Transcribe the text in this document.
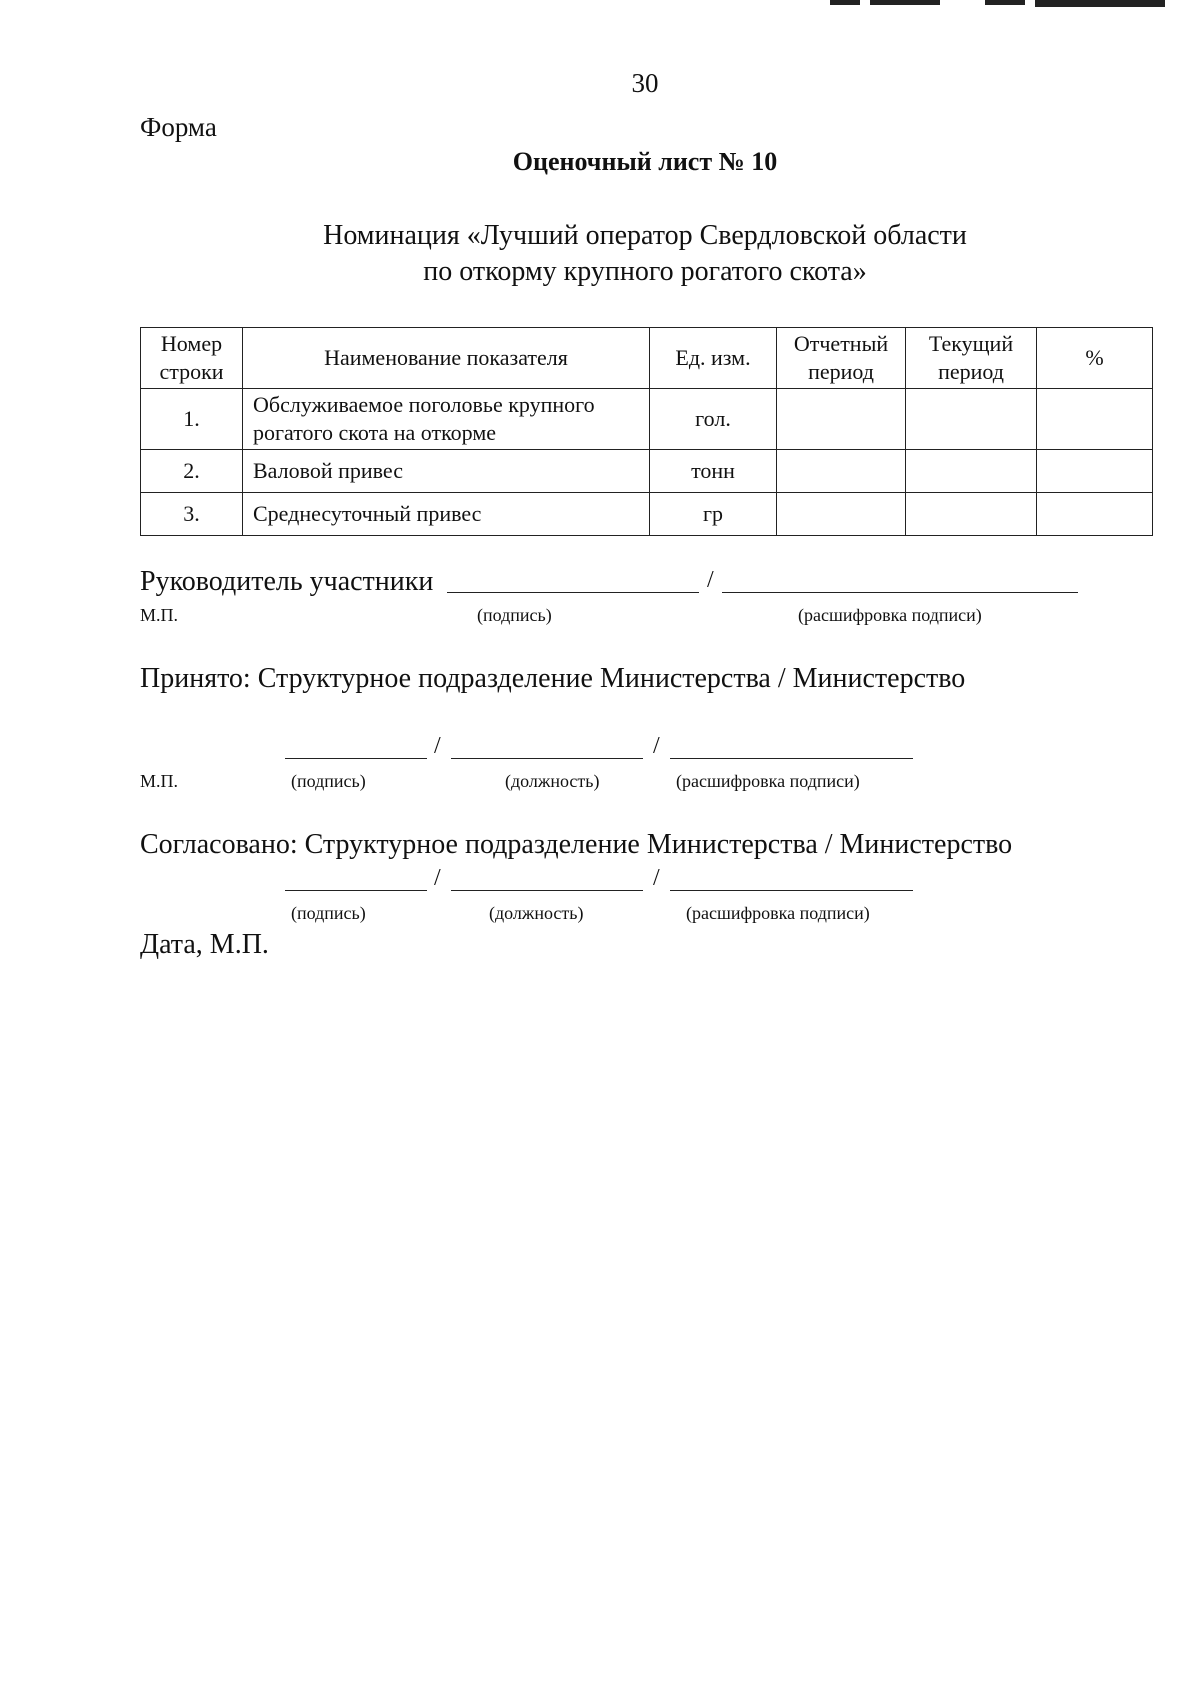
30
Форма
Оценочный лист № 10
Номинация «Лучший оператор Свердловской области
по откорму крупного рогатого скота»
Номер строки	Наименование показателя	Ед. изм.	Отчетный период	Текущий период	%
1.	Обслуживаемое поголовье крупного рогатого скота на откорме	гол.			
2.	Валовой привес	тонн			
3.	Среднесуточный привес	гр			
Руководитель участники	/
М.П.	(подпись)	(расшифровка подписи)
Принято: Структурное подразделение Министерства / Министерство
/	/
М.П.	(подпись)	(должность)	(расшифровка подписи)
Согласовано: Структурное подразделение Министерства / Министерство
/	/
(подпись)	(должность)	(расшифровка подписи)
Дата, М.П.
